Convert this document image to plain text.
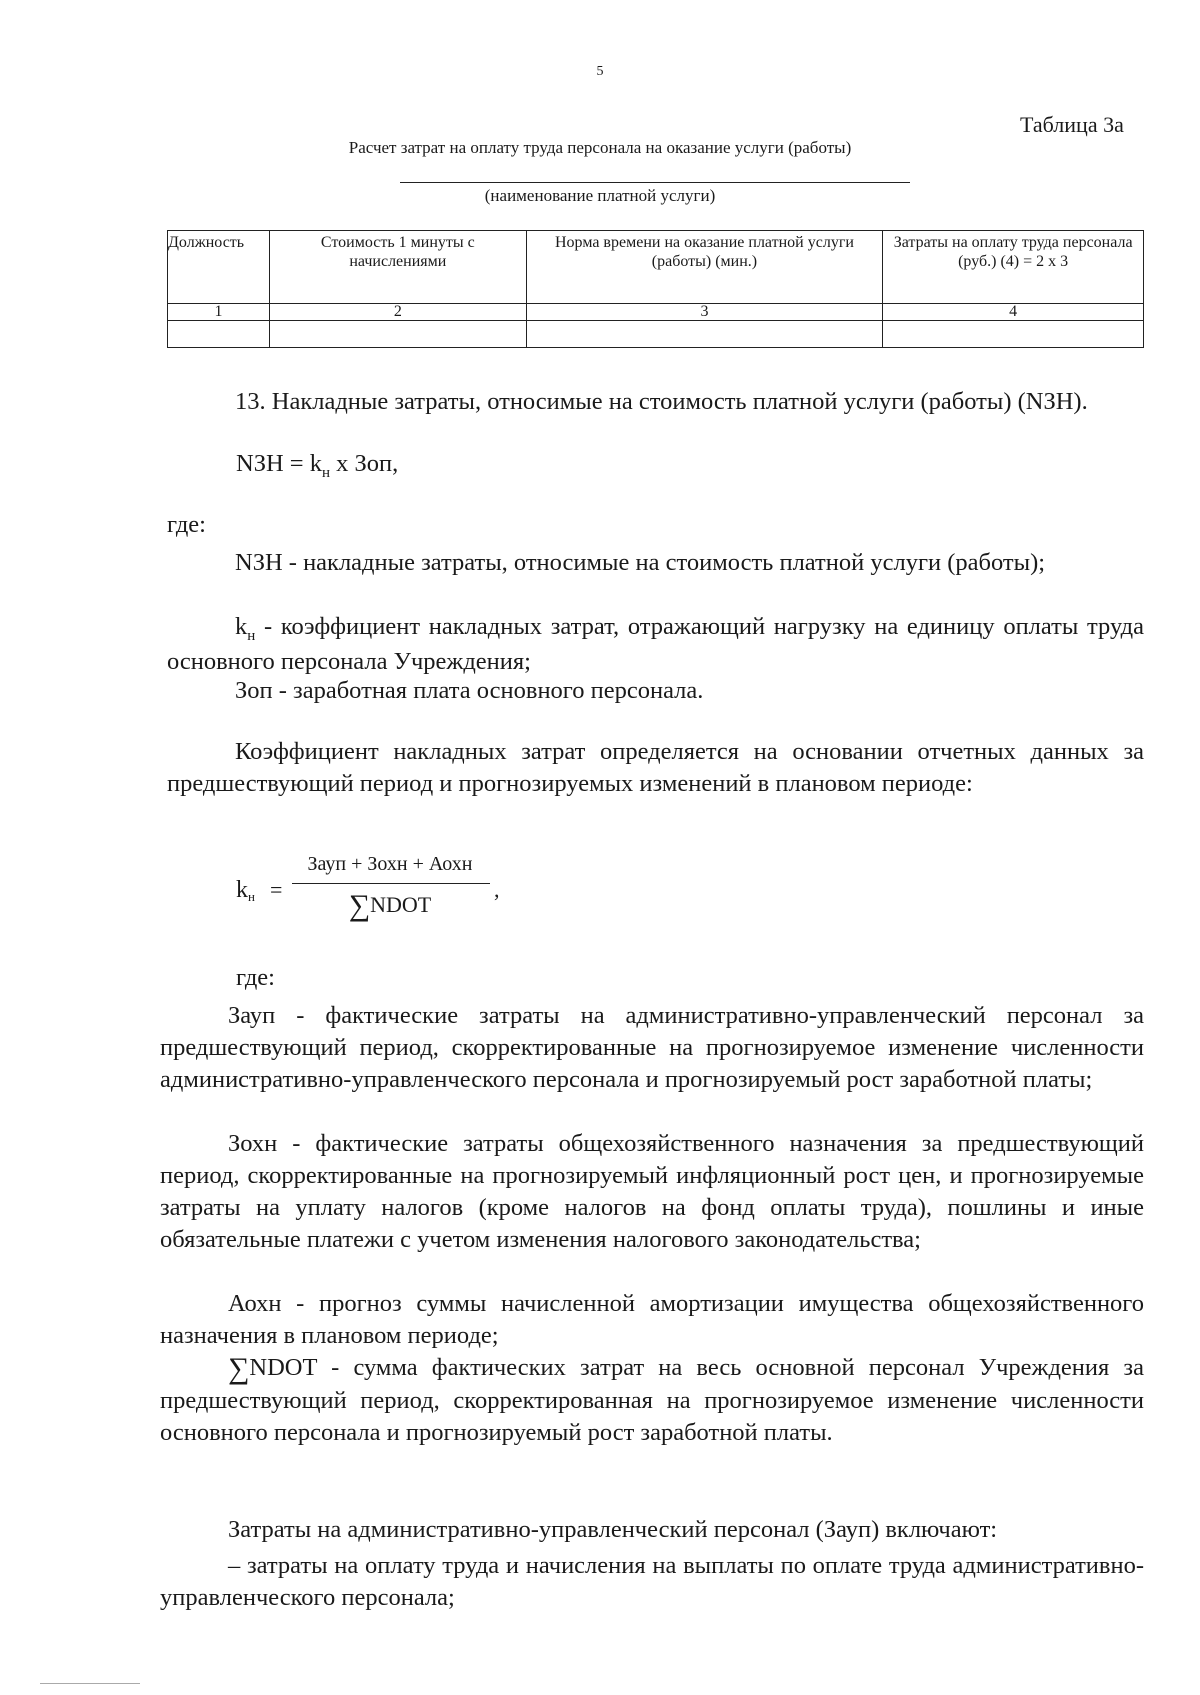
5
Таблица 3а
Расчет затрат на оплату труда персонала на оказание услуги (работы)
(наименование платной услуги)
Должность	Стоимость 1 минуты с начислениями	Норма времени на оказание платной услуги (работы) (мин.)	Затраты на оплату труда персонала (руб.) (4) = 2 х 3
1	2	3	4

13. Накладные затраты, относимые на стоимость платной услуги (работы) (NЗН).
NЗН = $k_н$ х Зоп,
где:
NЗН - накладные затраты, относимые на стоимость платной услуги (работы);
$k_н$ - коэффициент накладных затрат, отражающий нагрузку на единицу оплаты труда основного персонала Учреждения;
Зоп - заработная плата основного персонала.
Коэффициент накладных затрат определяется на основании отчетных данных за предшествующий период и прогнозируемых изменений в плановом периоде:
kн =
Зауп + Зохн + Аохн
∑NDOT
,
где:
Зауп - фактические затраты на административно-управленческий персонал за предшествующий период, скорректированные на прогнозируемое изменение численности административно-управленческого персонала и прогнозируемый рост заработной платы;
Зохн - фактические затраты общехозяйственного назначения за предшествующий период, скорректированные на прогнозируемый инфляционный рост цен, и прогнозируемые затраты на уплату налогов (кроме налогов на фонд оплаты труда), пошлины и иные обязательные платежи с учетом изменения налогового законодательства;
Аохн - прогноз суммы начисленной амортизации имущества общехозяйственного назначения в плановом периоде;
∑NDOT - сумма фактических затрат на весь основной персонал Учреждения за предшествующий период, скорректированная на прогнозируемое изменение численности основного персонала и прогнозируемый рост заработной платы.
Затраты на административно-управленческий персонал (Зауп) включают:
– затраты на оплату труда и начисления на выплаты по оплате труда административно-управленческого персонала;
